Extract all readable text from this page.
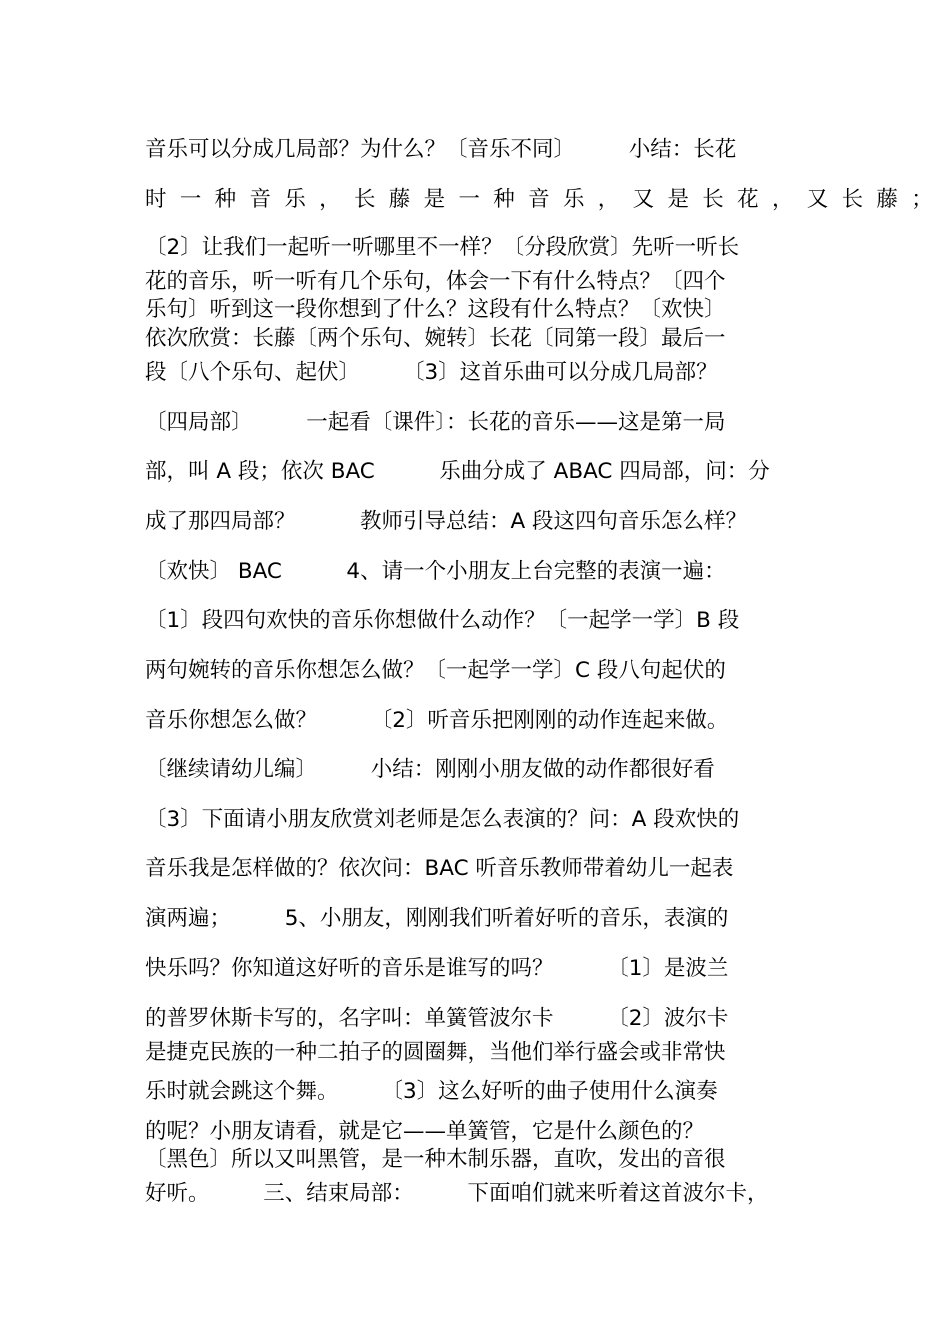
音乐可以分成几局部？为什么？〔音乐不同〕　　　小结：长花
时一种音乐，长藤是一种音乐，又是长花，又长藤；
〔2〕让我们一起听一听哪里不一样？〔分段欣赏〕先听一听长
花的音乐，听一听有几个乐句，体会一下有什么特点？〔四个
乐句〕听到这一段你想到了什么？这段有什么特点？〔欢快〕
依次欣赏：长藤〔两个乐句、婉转〕长花〔同第一段〕最后一
段〔八个乐句、起伏〕　　　〔3〕这首乐曲可以分成几局部？
〔四局部〕　　　一起看〔课件〕：长花的音乐——这是第一局
部，叫 A 段；依次 BAC　　　乐曲分成了 ABAC 四局部，问：分
成了那四局部？　　　教师引导总结：A 段这四句音乐怎么样？
〔欢快〕 BAC　　　4、请一个小朋友上台完整的表演一遍：
〔1〕段四句欢快的音乐你想做什么动作？〔一起学一学〕B 段
两句婉转的音乐你想怎么做？〔一起学一学〕C 段八句起伏的
音乐你想怎么做？　　　〔2〕听音乐把刚刚的动作连起来做。
〔继续请幼儿编〕　　　小结：刚刚小朋友做的动作都很好看
〔3〕下面请小朋友欣赏刘老师是怎么表演的？问：A 段欢快的
音乐我是怎样做的？依次问：BAC 听音乐教师带着幼儿一起表
演两遍；　　　5、小朋友，刚刚我们听着好听的音乐，表演的
快乐吗？你知道这好听的音乐是谁写的吗？　　　〔1〕是波兰
的普罗休斯卡写的，名字叫：单簧管波尔卡　　　〔2〕波尔卡
是捷克民族的一种二拍子的圆圈舞，当他们举行盛会或非常快
乐时就会跳这个舞。　　　〔3〕这么好听的曲子使用什么演奏
的呢？小朋友请看，就是它——单簧管，它是什么颜色的？
〔黑色〕所以又叫黑管，是一种木制乐器，直吹，发出的音很
好听。　　　三、结束局部：　　　下面咱们就来听着这首波尔卡，
